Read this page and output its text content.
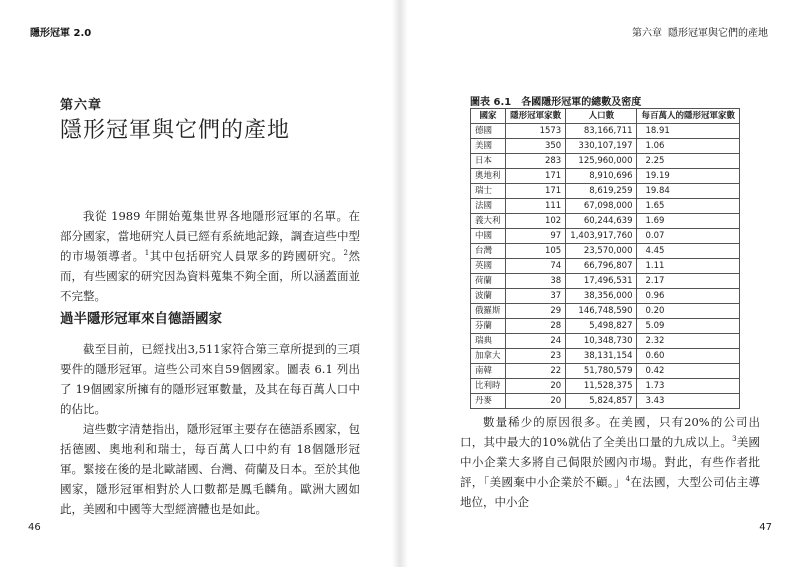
隱形冠軍 2.0
第六章
隱形冠軍與它們的產地

我從 1989 年開始蒐集世界各地隱形冠軍的名單。在部分國家，當地研究人員已經有系統地記錄，調查這些中型的市場領導者。$^1$其中包括研究人員眾多的跨國研究。$^2$然而，有些國家的研究因為資料蒐集不夠全面，所以涵蓋面並不完整。

過半隱形冠軍來自德語國家

截至目前，已經找出3,511家符合第三章所提到的三項要件的隱形冠軍。這些公司來自59個國家。圖表 6.1 列出了 19個國家所擁有的隱形冠軍數量，及其在每百萬人口中的佔比。

這些數字清楚指出，隱形冠軍主要存在德語系國家，包括德國、奧地利和瑞士，每百萬人口中約有 18個隱形冠軍。緊接在後的是北歐諸國、台灣、荷蘭及日本。至於其他國家，隱形冠軍相對於人口數都是鳳毛麟角。歐洲大國如此，美國和中國等大型經濟體也是如此。

46
第六章 隱形冠軍與它們的產地
圖表 6.1 各國隱形冠軍的總數及密度
國家	隱形冠軍家數	人口數	每百萬人的隱形冠軍家數
德國	1573	83,166,711	18.91
美國	350	330,107,197	1.06
日本	283	125,960,000	2.25
奧地利	171	8,910,696	19.19
瑞士	171	8,619,259	19.84
法國	111	67,098,000	1.65
義大利	102	60,244,639	1.69
中國	97	1,403,917,760	0.07
台灣	105	23,570,000	4.45
英國	74	66,796,807	1.11
荷蘭	38	17,496,531	2.17
波蘭	37	38,356,000	0.96
俄羅斯	29	146,748,590	0.20
芬蘭	28	5,498,827	5.09
瑞典	24	10,348,730	2.32
加拿大	23	38,131,154	0.60
南韓	22	51,780,579	0.42
比利時	20	11,528,375	1.73
丹麥	20	5,824,857	3.43

數量稀少的原因很多。在美國，只有20%的公司出口，其中最大的10%就佔了全美出口量的九成以上。$^3$美國中小企業大多將自己侷限於國內市場。對此，有些作者批評，「美國棄中小企業於不顧。」$^4$在法國，大型公司佔主導地位，中小企

47
